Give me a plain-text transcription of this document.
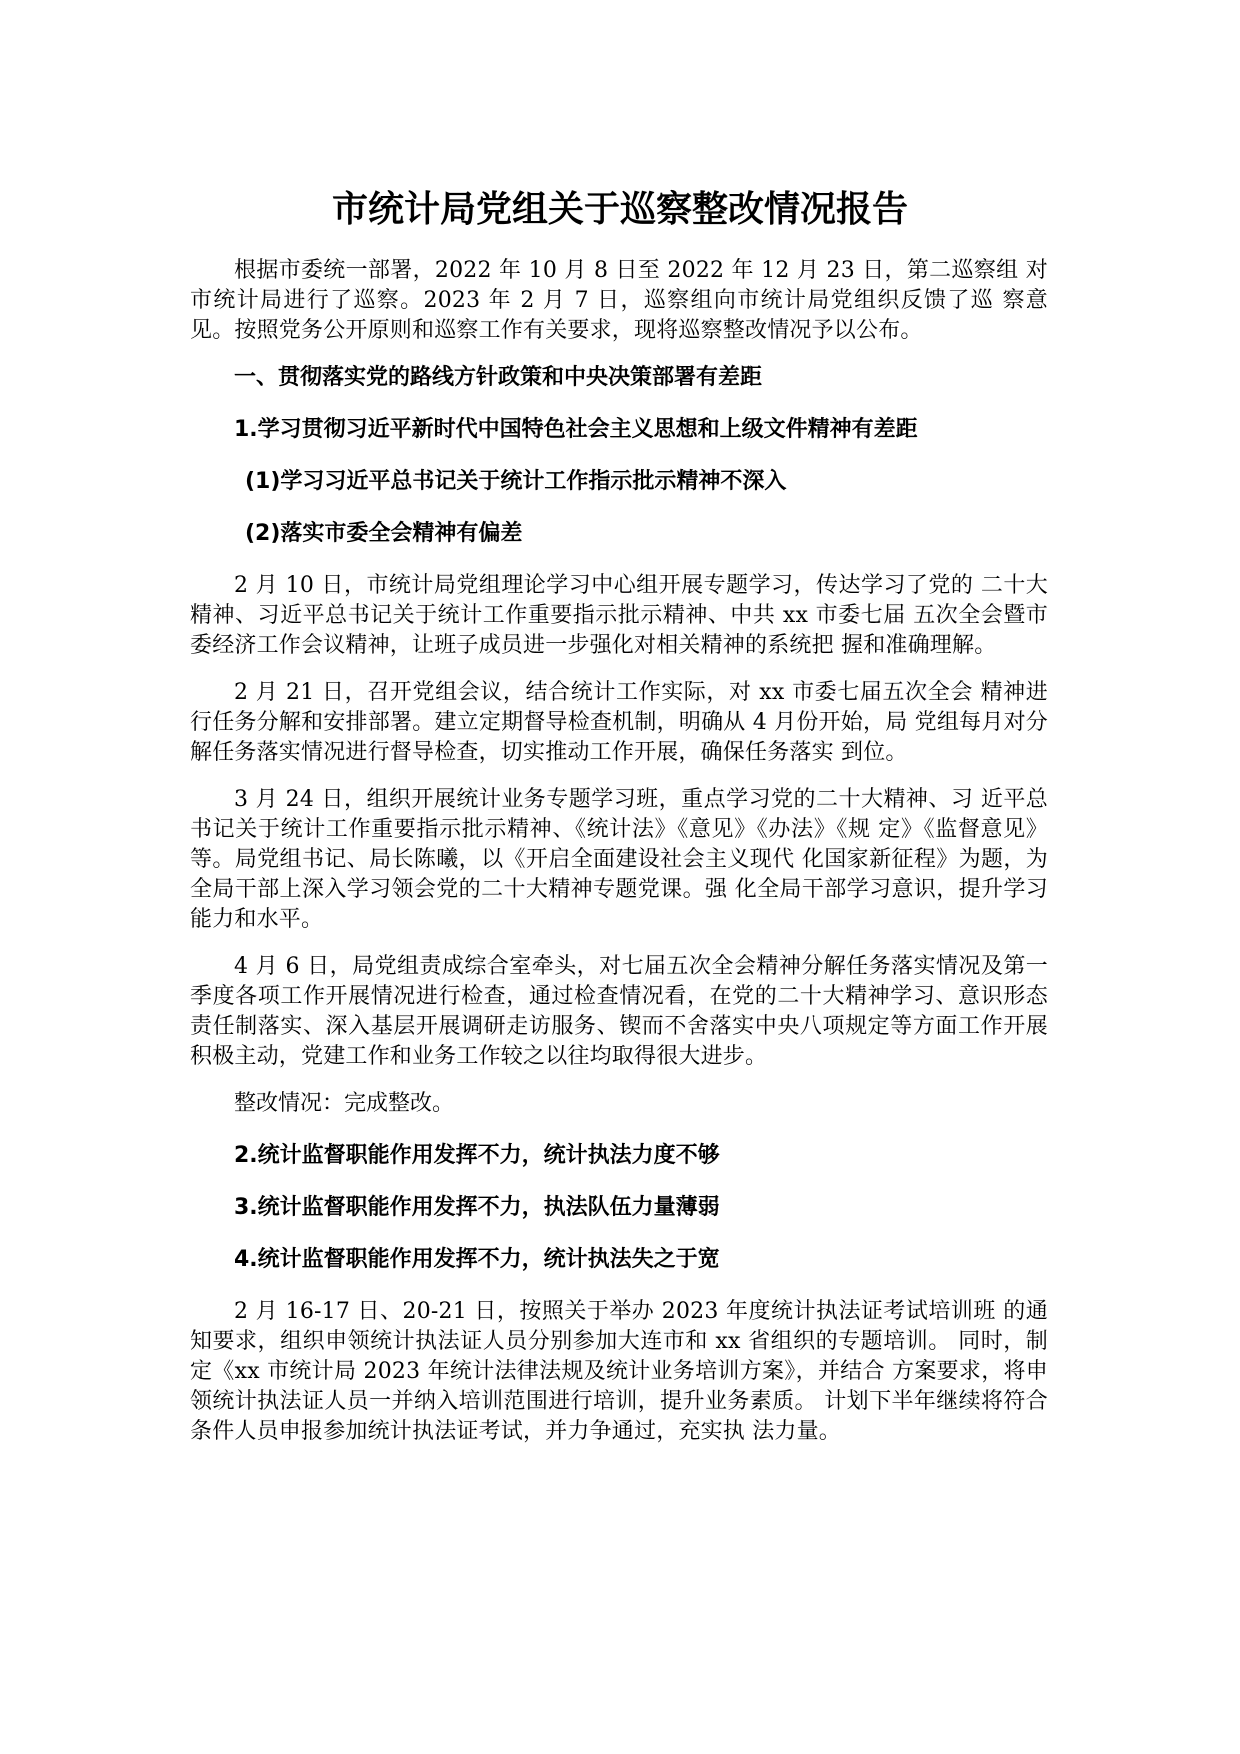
市统计局党组关于巡察整改情况报告

根据市委统一部署，2022 年 10 月 8 日至 2022 年 12 月 23 日，第二巡察组 对市统计局进行了巡察。2023 年 2 月 7 日，巡察组向市统计局党组织反馈了巡 察意见。按照党务公开原则和巡察工作有关要求，现将巡察整改情况予以公布。

一、贯彻落实党的路线方针政策和中央决策部署有差距
1.学习贯彻习近平新时代中国特色社会主义思想和上级文件精神有差距
(1)学习习近平总书记关于统计工作指示批示精神不深入
(2)落实市委全会精神有偏差

2 月 10 日，市统计局党组理论学习中心组开展专题学习，传达学习了党的 二十大精神、习近平总书记关于统计工作重要指示批示精神、中共 xx 市委七届 五次全会暨市委经济工作会议精神，让班子成员进一步强化对相关精神的系统把 握和准确理解。

2 月 21 日，召开党组会议，结合统计工作实际，对 xx 市委七届五次全会 精神进行任务分解和安排部署。建立定期督导检查机制，明确从 4 月份开始，局 党组每月对分解任务落实情况进行督导检查，切实推动工作开展，确保任务落实 到位。

3 月 24 日，组织开展统计业务专题学习班，重点学习党的二十大精神、习 近平总书记关于统计工作重要指示批示精神、《统计法》《意见》《办法》《规 定》《监督意见》等。局党组书记、局长陈曦，以《开启全面建设社会主义现代 化国家新征程》为题，为全局干部上深入学习领会党的二十大精神专题党课。强 化全局干部学习意识，提升学习能力和水平。

4 月 6 日，局党组责成综合室牵头，对七届五次全会精神分解任务落实情况及第一季度各项工作开展情况进行检查，通过检查情况看，在党的二十大精神学习、意识形态责任制落实、深入基层开展调研走访服务、锲而不舍落实中央八项规定等方面工作开展积极主动，党建工作和业务工作较之以往均取得很大进步。

整改情况：完成整改。
2.统计监督职能作用发挥不力，统计执法力度不够
3.统计监督职能作用发挥不力，执法队伍力量薄弱
4.统计监督职能作用发挥不力，统计执法失之于宽

2 月 16-17 日、20-21 日，按照关于举办 2023 年度统计执法证考试培训班 的通知要求，组织申领统计执法证人员分别参加大连市和 xx 省组织的专题培训。 同时，制定《xx 市统计局 2023 年统计法律法规及统计业务培训方案》，并结合 方案要求，将申领统计执法证人员一并纳入培训范围进行培训，提升业务素质。 计划下半年继续将符合条件人员申报参加统计执法证考试，并力争通过，充实执 法力量。
